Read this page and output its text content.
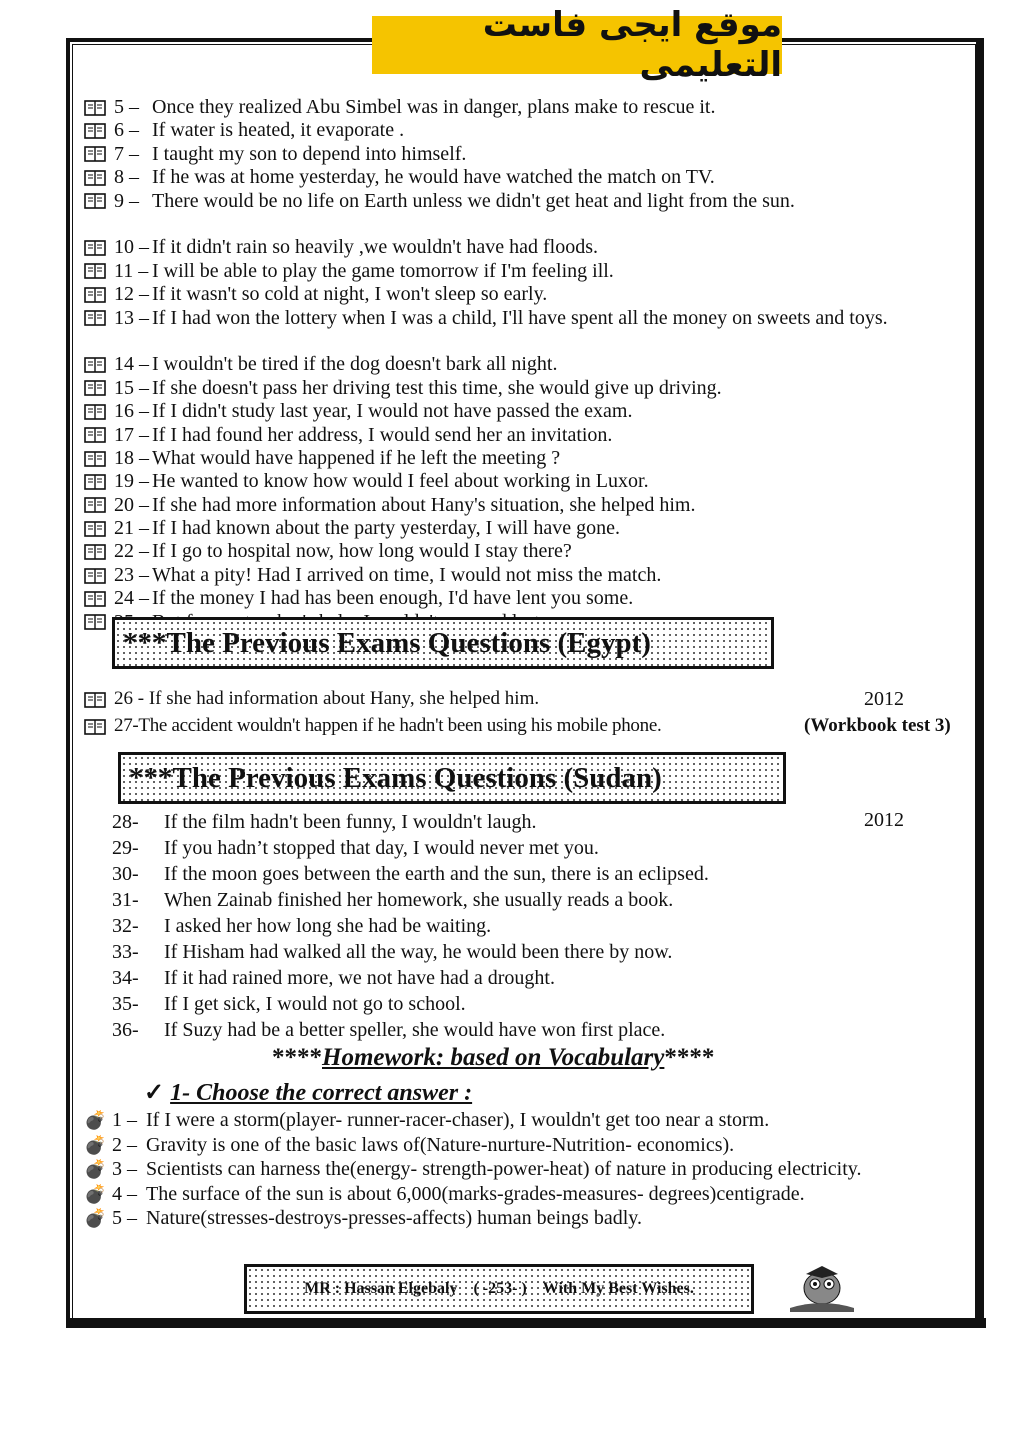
موقع ايجى فاست التعليمى
5 – Once they realized Abu Simbel was in danger, plans make to rescue it.
6 – If water is heated, it evaporate .
7 – I taught my son to depend into himself.
8 – If he was at home yesterday, he would have watched the match on TV.
9 – There would be no life on Earth unless we didn't get heat and light from the sun.
10 – If it didn't rain so heavily ,we wouldn't have had floods.
11 – I will be able to play the game tomorrow if I'm feeling ill.
12 – If it wasn't so cold at night, I won't sleep so early.
13 – If I had won the lottery when I was a child, I'll have spent all the money on sweets and toys.
14 – I wouldn't be tired if the dog doesn't bark all night.
15 – If she doesn't pass her driving test this time, she would give up driving.
16 – If I didn't study last year, I would not have passed the exam.
17 – If I had found her address, I would send her an invitation.
18 – What would have happened if he left the meeting ?
19 – He wanted to know how would I feel about working in Luxor.
20 – If she had more information about Hany's situation, she helped him.
21 – If I had known about the party yesterday, I will have gone.
22 – If I go to hospital now, how long would I stay there?
23 – What a pity! Had I arrived on time, I would not miss the match.
24 – If the money I had has been enough, I'd have lent you some.
***The Previous Exams Questions (Egypt)
26 - If she had information about Hany, she helped him.	2012
27-The accident wouldn't happen if he hadn't been using his mobile phone.	(Workbook test 3)
***The Previous Exams Questions (Sudan)
2012
28-	If the film hadn't been funny, I wouldn't laugh.
29-	If you hadn’t stopped that day, I would never met you.
30-	If the moon goes between the earth and the sun, there is an eclipsed.
31-	When Zainab finished her homework, she usually reads a book.
32-	I asked her how long she had be waiting.
33-	If Hisham had walked all the way, he would been there by now.
34-	If it had rained more, we not have had a drought.
35-	If I get sick, I would not go to school.
36-	If Suzy had be a better speller, she would have won first place.
****Homework: based on Vocabulary****
✓ 1- Choose the correct answer :
💣 1 – If I were a storm(player- runner-racer-chaser), I wouldn't get too near a storm.
💣 2 – Gravity is one of the basic laws of(Nature-nurture-Nutrition- economics).
💣 3 – Scientists can harness the(energy- strength-power-heat) of nature in producing electricity.
💣 4 – The surface of the sun is about 6,000(marks-grades-measures- degrees)centigrade.
💣 5 – Nature(stresses-destroys-presses-affects) human beings badly.
MR : Hassan Elgebaly ( -253- ) With My Best Wishes.
